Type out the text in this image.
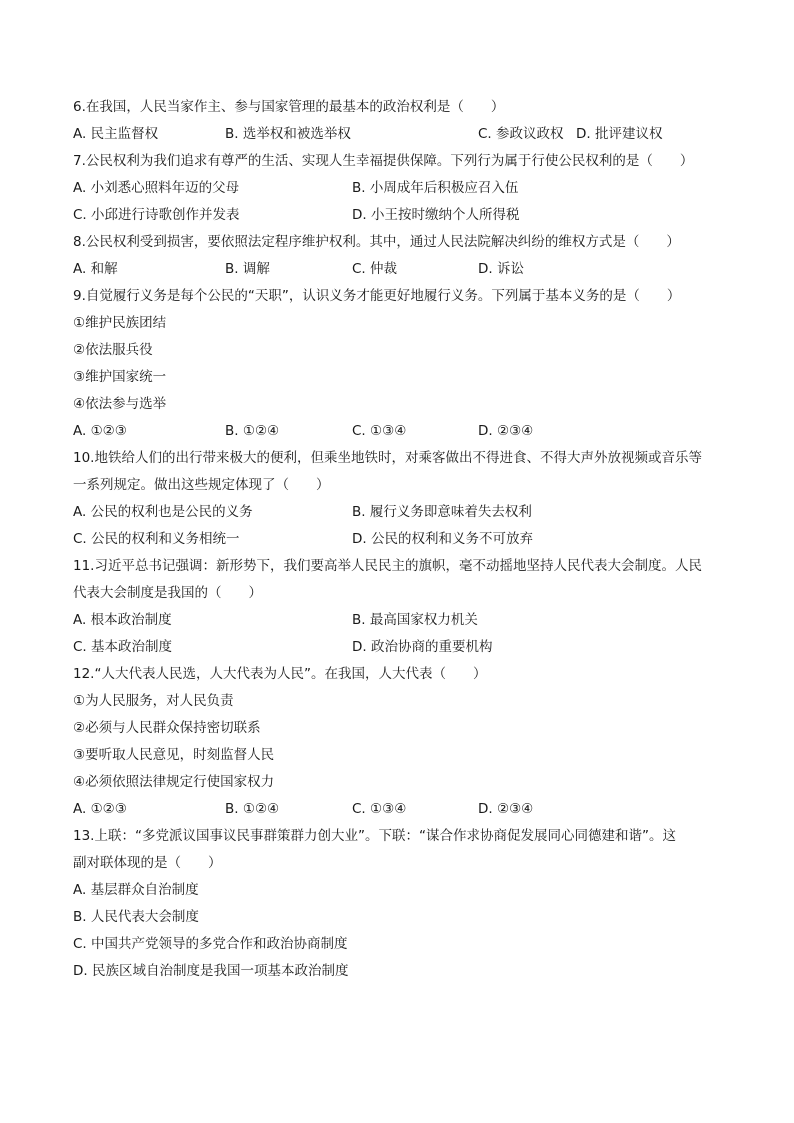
6.在我国，人民当家作主、参与国家管理的最基本的政治权利是（　　）
A. 民主监督权	B. 选举权和被选举权	C. 参政议政权 D. 批评建议权
7.公民权利为我们追求有尊严的生活、实现人生幸福提供保障。下列行为属于行使公民权利的是（　　）
A. 小刘悉心照料年迈的父母	B. 小周成年后积极应召入伍
C. 小邱进行诗歌创作并发表	D. 小王按时缴纳个人所得税
8.公民权利受到损害，要依照法定程序维护权利。其中，通过人民法院解决纠纷的维权方式是（　　）
A. 和解	B. 调解	C. 仲裁	D. 诉讼
9.自觉履行义务是每个公民的“天职”，认识义务才能更好地履行义务。下列属于基本义务的是（　　）
①维护民族团结
②依法服兵役
③维护国家统一
④依法参与选举
A. ①②③	B. ①②④	C. ①③④	D. ②③④
10.地铁给人们的出行带来极大的便利，但乘坐地铁时，对乘客做出不得进食、不得大声外放视频或音乐等
一系列规定。做出这些规定体现了（　　）
A. 公民的权利也是公民的义务	B. 履行义务即意味着失去权利
C. 公民的权利和义务相统一	D. 公民的权利和义务不可放弃
11.习近平总书记强调：新形势下，我们要高举人民民主的旗帜，毫不动摇地坚持人民代表大会制度。人民
代表大会制度是我国的（　　）
A. 根本政治制度	B. 最高国家权力机关
C. 基本政治制度	D. 政治协商的重要机构
12.“人大代表人民选，人大代表为人民”。在我国，人大代表（　　）
①为人民服务，对人民负责
②必须与人民群众保持密切联系
③要听取人民意见，时刻监督人民
④必须依照法律规定行使国家权力
A. ①②③	B. ①②④	C. ①③④	D. ②③④
13.上联：“多党派议国事议民事群策群力创大业”。下联：“谋合作求协商促发展同心同德建和谐”。这
副对联体现的是（　　）
A. 基层群众自治制度
B. 人民代表大会制度
C. 中国共产党领导的多党合作和政治协商制度
D. 民族区域自治制度是我国一项基本政治制度
